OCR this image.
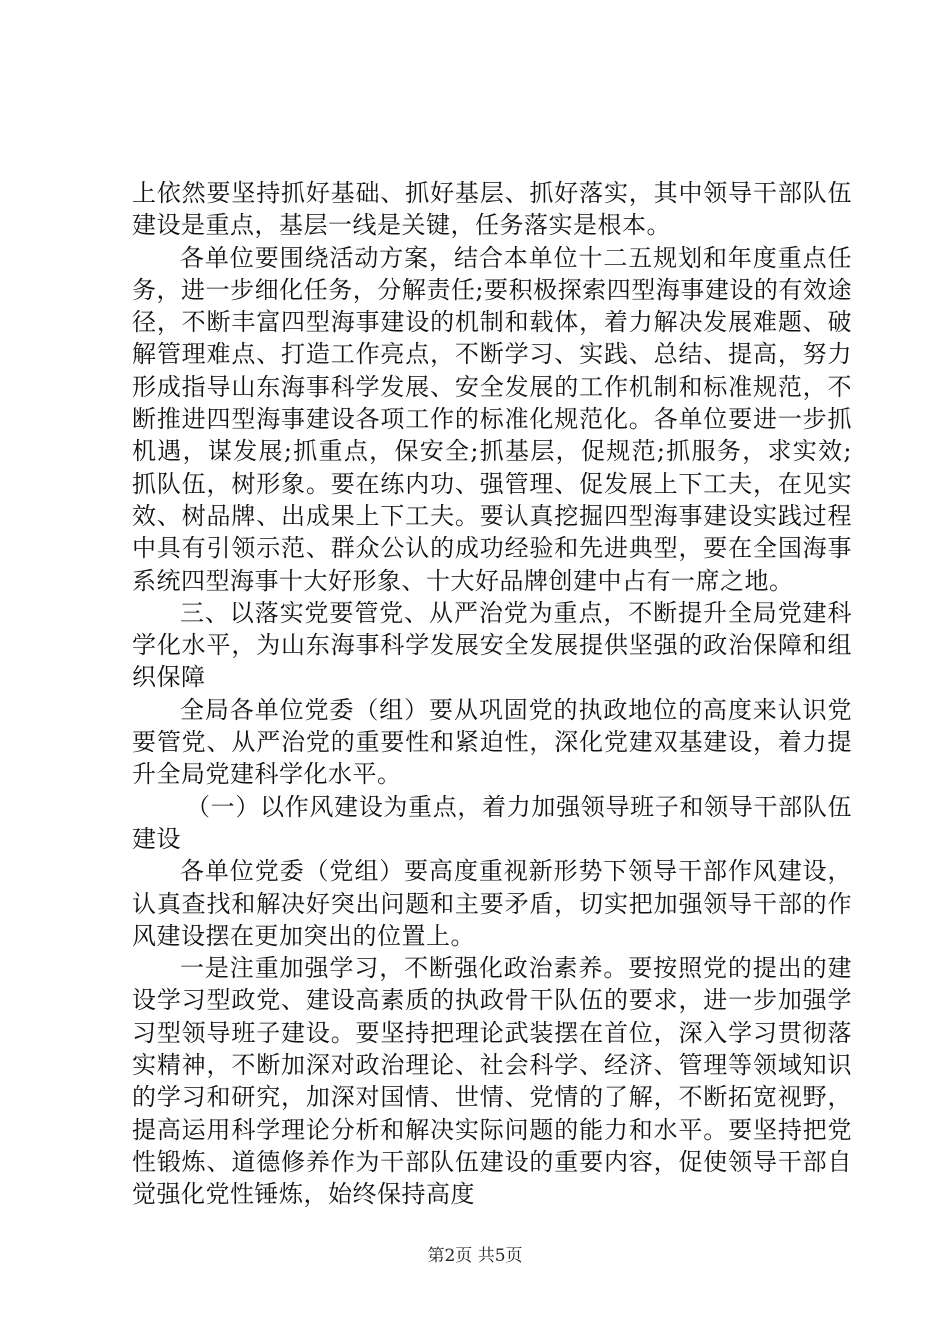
上依然要坚持抓好基础、抓好基层、抓好落实，其中领导干部队伍建设是重点，基层一线是关键，任务落实是根本。

各单位要围绕活动方案，结合本单位十二五规划和年度重点任务，进一步细化任务，分解责任;要积极探索四型海事建设的有效途径，不断丰富四型海事建设的机制和载体，着力解决发展难题、破解管理难点、打造工作亮点，不断学习、实践、总结、提高，努力形成指导山东海事科学发展、安全发展的工作机制和标准规范，不断推进四型海事建设各项工作的标准化规范化。各单位要进一步抓机遇，谋发展;抓重点，保安全;抓基层，促规范;抓服务，求实效;抓队伍，树形象。要在练内功、强管理、促发展上下工夫，在见实效、树品牌、出成果上下工夫。要认真挖掘四型海事建设实践过程中具有引领示范、群众公认的成功经验和先进典型，要在全国海事系统四型海事十大好形象、十大好品牌创建中占有一席之地。

三、以落实党要管党、从严治党为重点，不断提升全局党建科学化水平，为山东海事科学发展安全发展提供坚强的政治保障和组织保障

全局各单位党委（组）要从巩固党的执政地位的高度来认识党要管党、从严治党的重要性和紧迫性，深化党建双基建设，着力提升全局党建科学化水平。

（一）以作风建设为重点，着力加强领导班子和领导干部队伍建设

各单位党委（党组）要高度重视新形势下领导干部作风建设，认真查找和解决好突出问题和主要矛盾，切实把加强领导干部的作风建设摆在更加突出的位置上。

一是注重加强学习，不断强化政治素养。要按照党的提出的建设学习型政党、建设高素质的执政骨干队伍的要求，进一步加强学习型领导班子建设。要坚持把理论武装摆在首位，深入学习贯彻落实精神，不断加深对政治理论、社会科学、经济、管理等领域知识的学习和研究，加深对国情、世情、党情的了解，不断拓宽视野，提高运用科学理论分析和解决实际问题的能力和水平。要坚持把党性锻炼、道德修养作为干部队伍建设的重要内容，促使领导干部自觉强化党性锤炼，始终保持高度

第2页 共5页
